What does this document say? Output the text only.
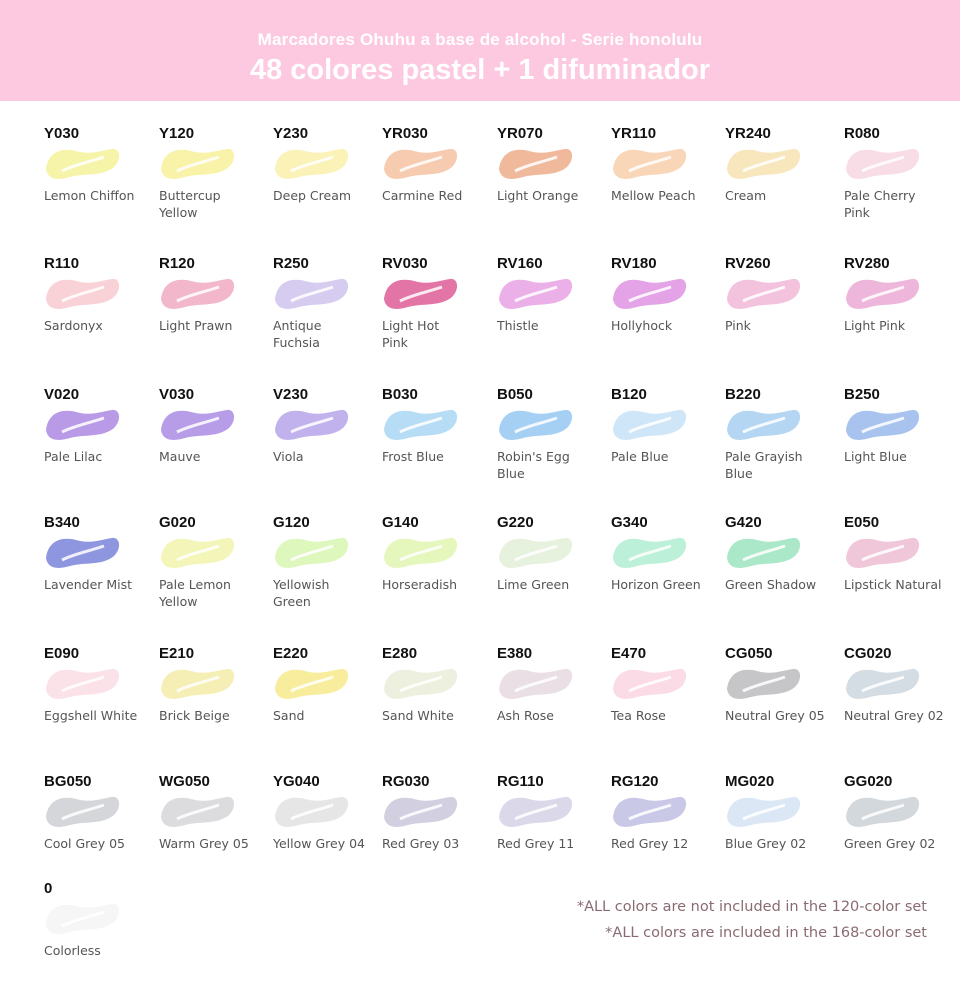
Marcadores Ohuhu a base de alcohol - Serie honolulu
48 colores pastel + 1 difuminador
Y030
Lemon Chiffon
Y120
Buttercup
Yellow
Y230
Deep Cream
YR030
Carmine Red
YR070
Light Orange
YR110
Mellow Peach
YR240
Cream
R080
Pale Cherry
Pink
R110
Sardonyx
R120
Light Prawn
R250
Antique
Fuchsia
RV030
Light Hot
Pink
RV160
Thistle
RV180
Hollyhock
RV260
Pink
RV280
Light Pink
V020
Pale Lilac
V030
Mauve
V230
Viola
B030
Frost Blue
B050
Robin's Egg
Blue
B120
Pale Blue
B220
Pale Grayish
Blue
B250
Light Blue
B340
Lavender Mist
G020
Pale Lemon
Yellow
G120
Yellowish
Green
G140
Horseradish
G220
Lime Green
G340
Horizon Green
G420
Green Shadow
E050
Lipstick Natural
E090
Eggshell White
E210
Brick Beige
E220
Sand
E280
Sand White
E380
Ash Rose
E470
Tea Rose
CG050
Neutral Grey 05
CG020
Neutral Grey 02
BG050
Cool Grey 05
WG050
Warm Grey 05
YG040
Yellow Grey 04
RG030
Red Grey 03
RG110
Red Grey 11
RG120
Red Grey 12
MG020
Blue Grey 02
GG020
Green Grey 02
0
Colorless
*ALL colors are not included in the 120-color set
*ALL colors are included in the 168-color set
